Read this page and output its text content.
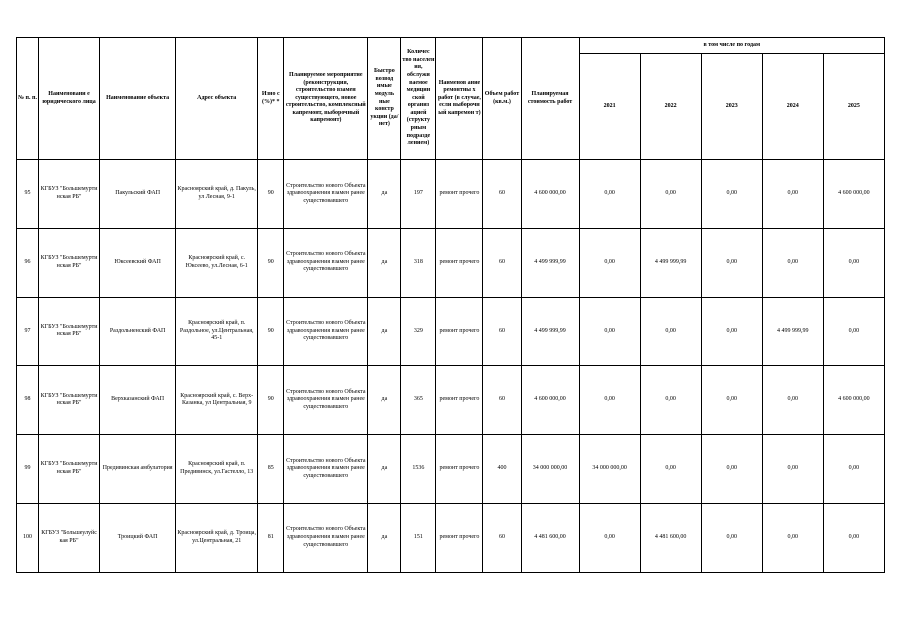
№ п. п.	Наименовани е юридического лица	Наименование объекта	Адрес объекта	Изно с (%)* *	Планируемое мероприятие (реконструкция, строительство взамен существующего, новое строительство, комплексный капремонт, выборочный капремонт)	Быстро возвод имые модуль ные констр укции (да/нет)	Количес тво населен ия, обслужи ваемое медицин ской организ ацией (структу рным подразде лением)	Наименов ание ремонтны х работ (в случае, если выборочн ый капремон т)	Объем работ (кв.м.)	Планируемая стоимость работ	в том числе по годам				
											2021	2022	2023	2024	2025
95	КГБУЗ "Большемурти нская РБ"	Пакульский ФАП	Красноярский край, д. Пакуль, ул Лесная, 9-1	90	Строительство нового Объекта здравоохранения взамен ранее существовавшего	да	197	ремонт прочего	60	4 600 000,00	0,00	0,00	0,00	0,00	4 600 000,00
96	КГБУЗ "Большемурти нская РБ"	Юксеевский ФАП	Красноярский край, с. Юксеево, ул.Лесная, 6-1	90	Строительство нового Объекта здравоохранения взамен ранее существовавшего	да	318	ремонт прочего	60	4 499 999,99	0,00	4 499 999,99	0,00	0,00	0,00
97	КГБУЗ "Большемурти нская РБ"	Раздольненский ФАП	Красноярский край, п. Раздольное, ул.Центральная, 45-1	90	Строительство нового Объекта здравоохранения взамен ранее существовавшего	да	329	ремонт прочего	60	4 499 999,99	0,00	0,00	0,00	4 499 999,99	0,00
98	КГБУЗ "Большемурти нская РБ"	Верхказанский ФАП	Красноярский край, с. Верх-Казанка, ул Центральная, 9	90	Строительство нового Объекта здравоохранения взамен ранее существовавшего	да	365	ремонт прочего	60	4 600 000,00	0,00	0,00	0,00	0,00	4 600 000,00
99	КГБУЗ "Большемурти нская РБ"	Предивинская амбулатория	Красноярский край, п. Предивинск, ул.Гастелло, 13	85	Строительство нового Объекта здравоохранения взамен ранее существовавшего	да	1536	ремонт прочего	400	34 000 000,00	34 000 000,00	0,00	0,00	0,00	0,00
100	КГБУЗ "Большеулуйс кая РБ"	Троицкий ФАП	Красноярский край, д. Троица, ул.Центральная, 21	81	Строительство нового Объекта здравоохранения взамен ранее существовавшего	да	151	ремонт прочего	60	4 481 600,00	0,00	4 481 600,00	0,00	0,00	0,00
